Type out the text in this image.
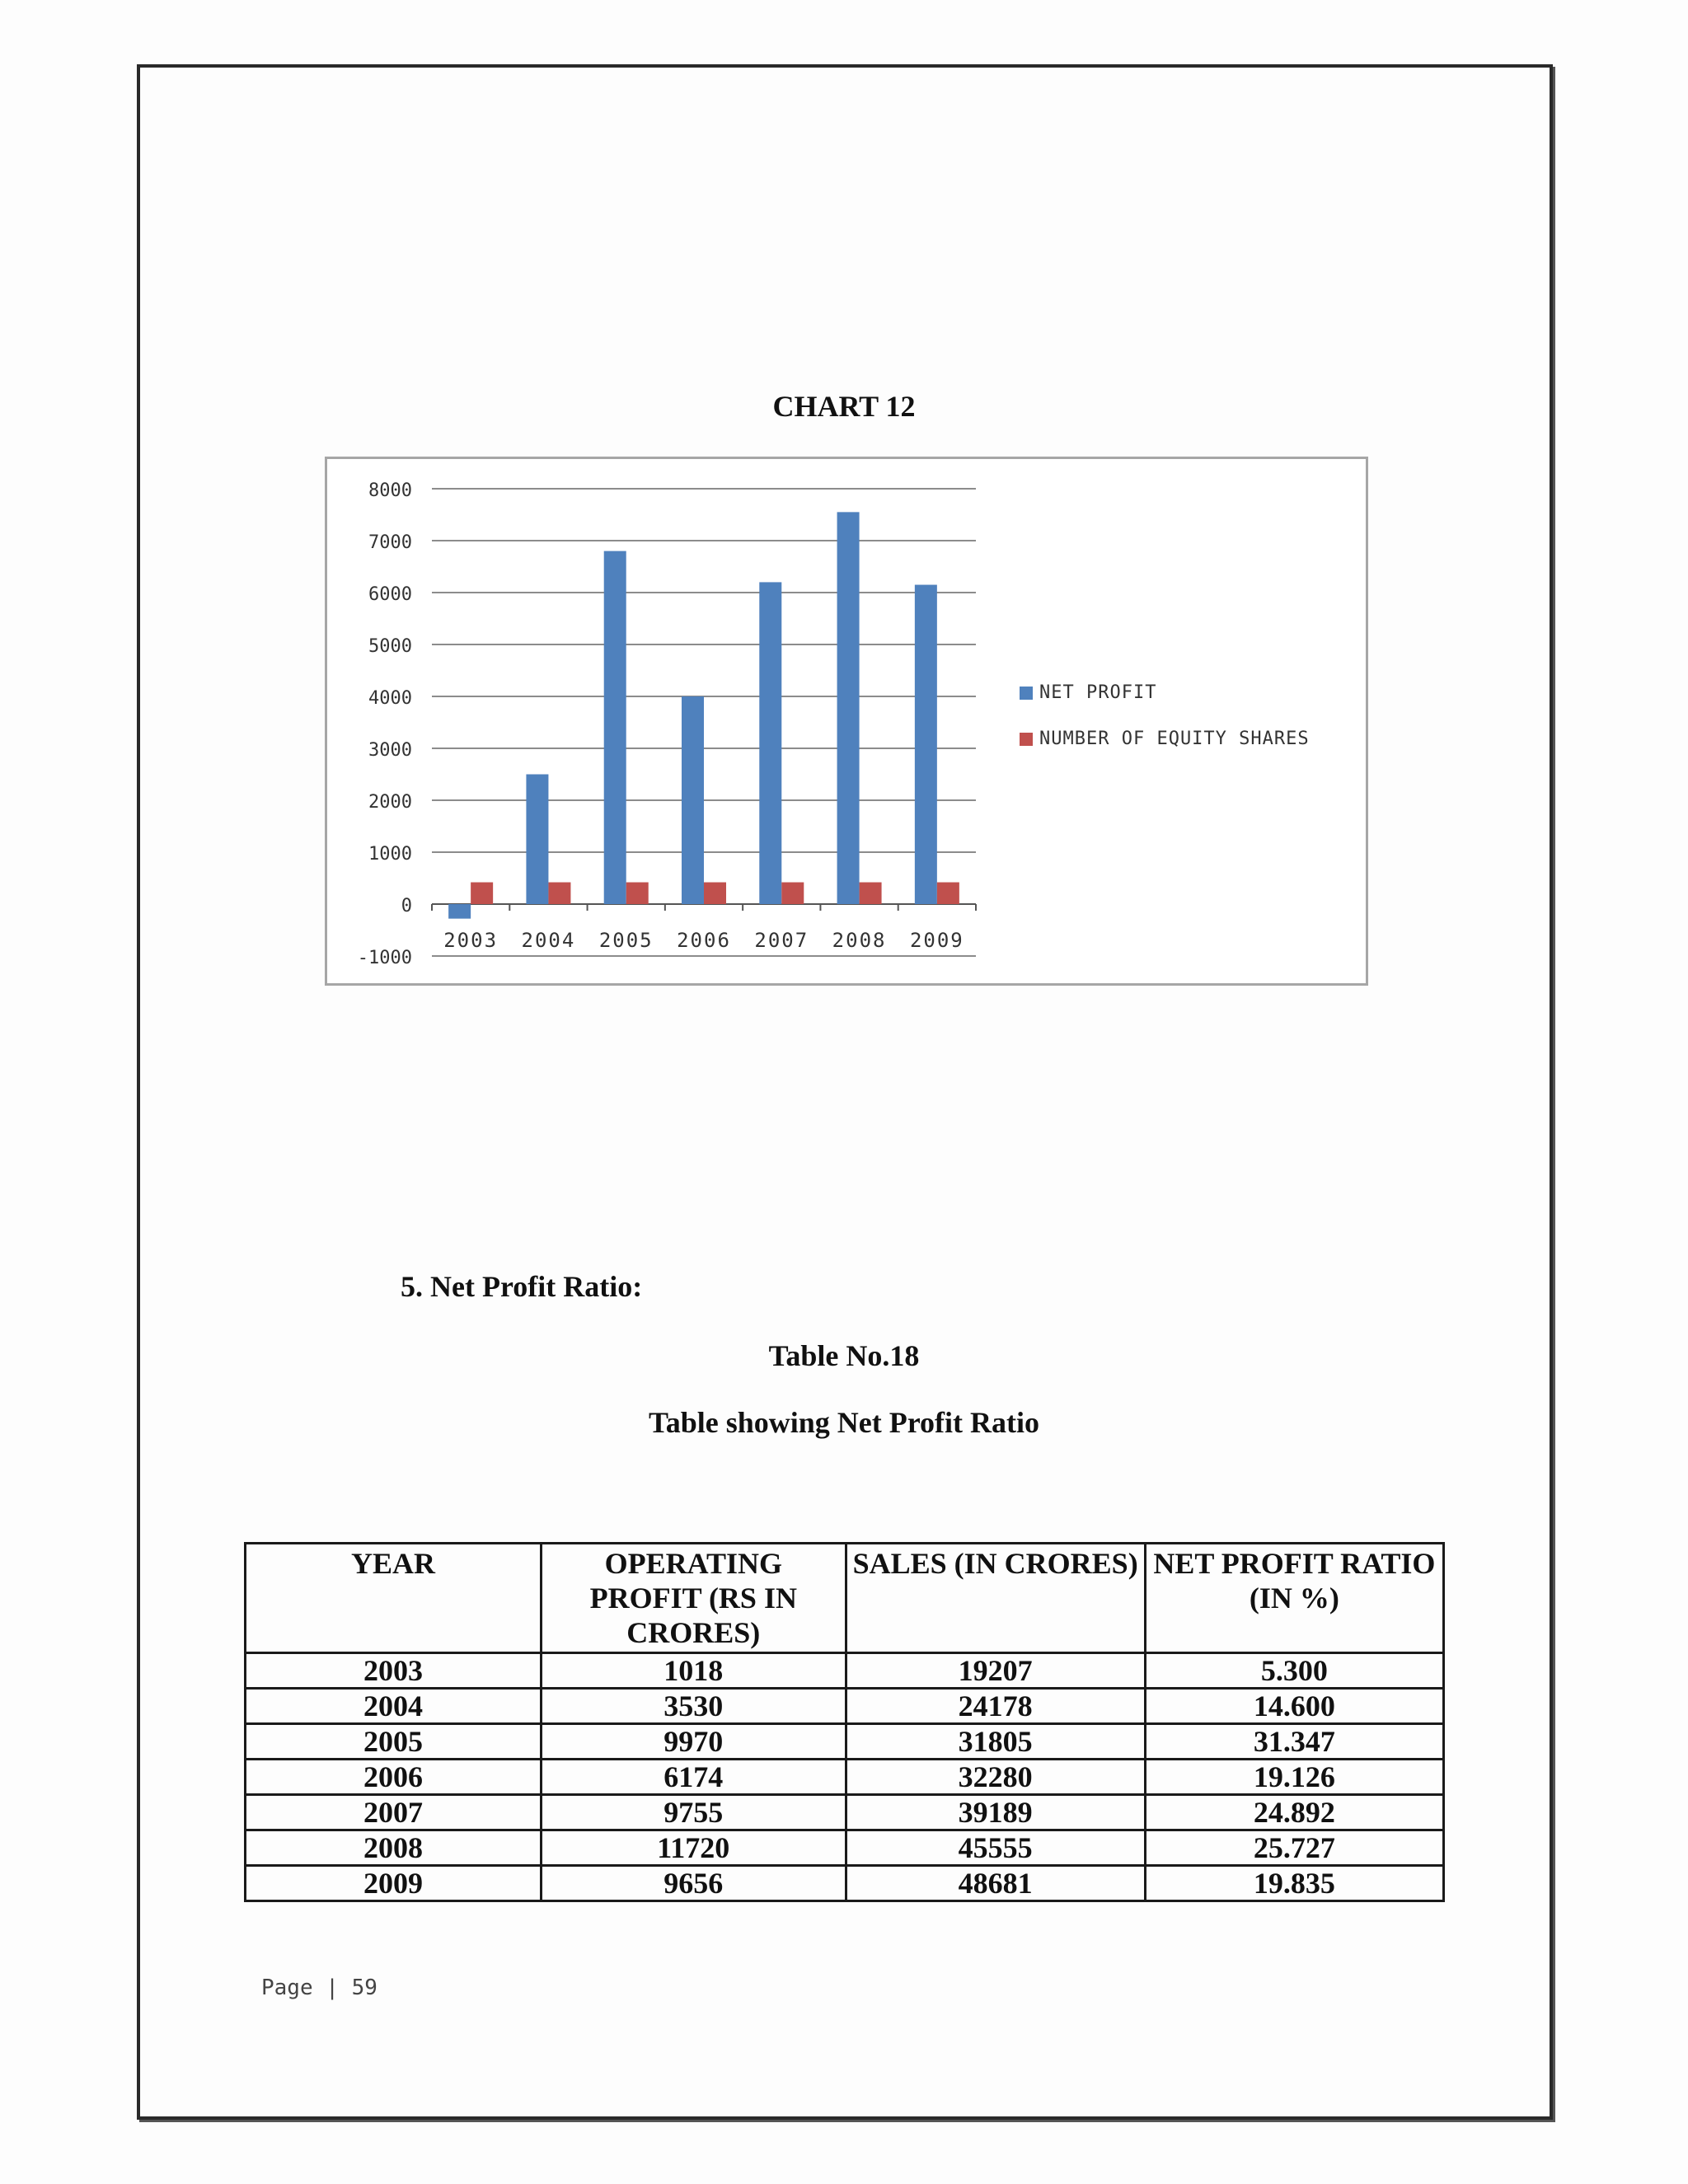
CHART 12
8000
7000
6000
5000
4000
3000
2000
1000
0
-1000
2003 2004 2005 2006 2007 2008 2009
NET PROFIT
NUMBER OF EQUITY SHARES
5. Net Profit Ratio:
Table No.18
Table showing Net Profit Ratio
YEAR	OPERATING PROFIT (RS IN CRORES)	SALES (IN CRORES)	NET PROFIT RATIO (IN %)
2003	1018	19207	5.300
2004	3530	24178	14.600
2005	9970	31805	31.347
2006	6174	32280	19.126
2007	9755	39189	24.892
2008	11720	45555	25.727
2009	9656	48681	19.835
Page | 59
